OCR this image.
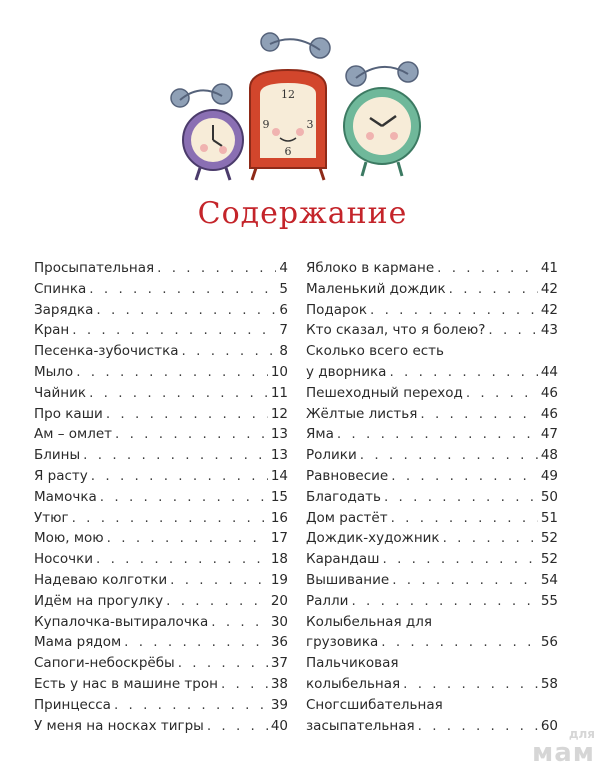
12
6
9	3
Содержание
Просыпательная . . .	4
Спинка . . .	5
Зарядка . . .	6
Кран . . .	7
Песенка-зубочистка . . .	8
Мыло . . .	10
Чайник . . .	11
Про каши . . .	12
Ам – омлет . . .	13
Блины . . .	13
Я расту . . .	14
Мамочка . . .	15
Утюг . . .	16
Мою, мою . . .	17
Носочки . . .	18
Надеваю колготки . . .	19
Идём на прогулку . . .	20
Купалочка-вытиралочка . . .	30
Мама рядом . . .	36
Сапоги-небоскрёбы . . .	37
Есть у нас в машине трон . . .	38
Принцесса . . .	39
У меня на носках тигры . . .	40
Яблоко в кармане . . .	41
Маленький дождик . . .	42
Подарок . . .	42
Кто сказал, что я болею? . . .	43
Сколько всего есть
у дворника . . .	44
Пешеходный переход . . .	46
Жёлтые листья . . .	46
Яма . . .	47
Ролики . . .	48
Равновесие . . .	49
Благодать . . .	50
Дом растёт . . .	51
Дождик-художник . . .	52
Карандаш . . .	52
Вышивание . . .	54
Ралли . . .	55
Колыбельная для
грузовика . . .	56
Пальчиковая
колыбельная . . .	58
Сногсшибательная
засыпательная . . .	60
для
мам
